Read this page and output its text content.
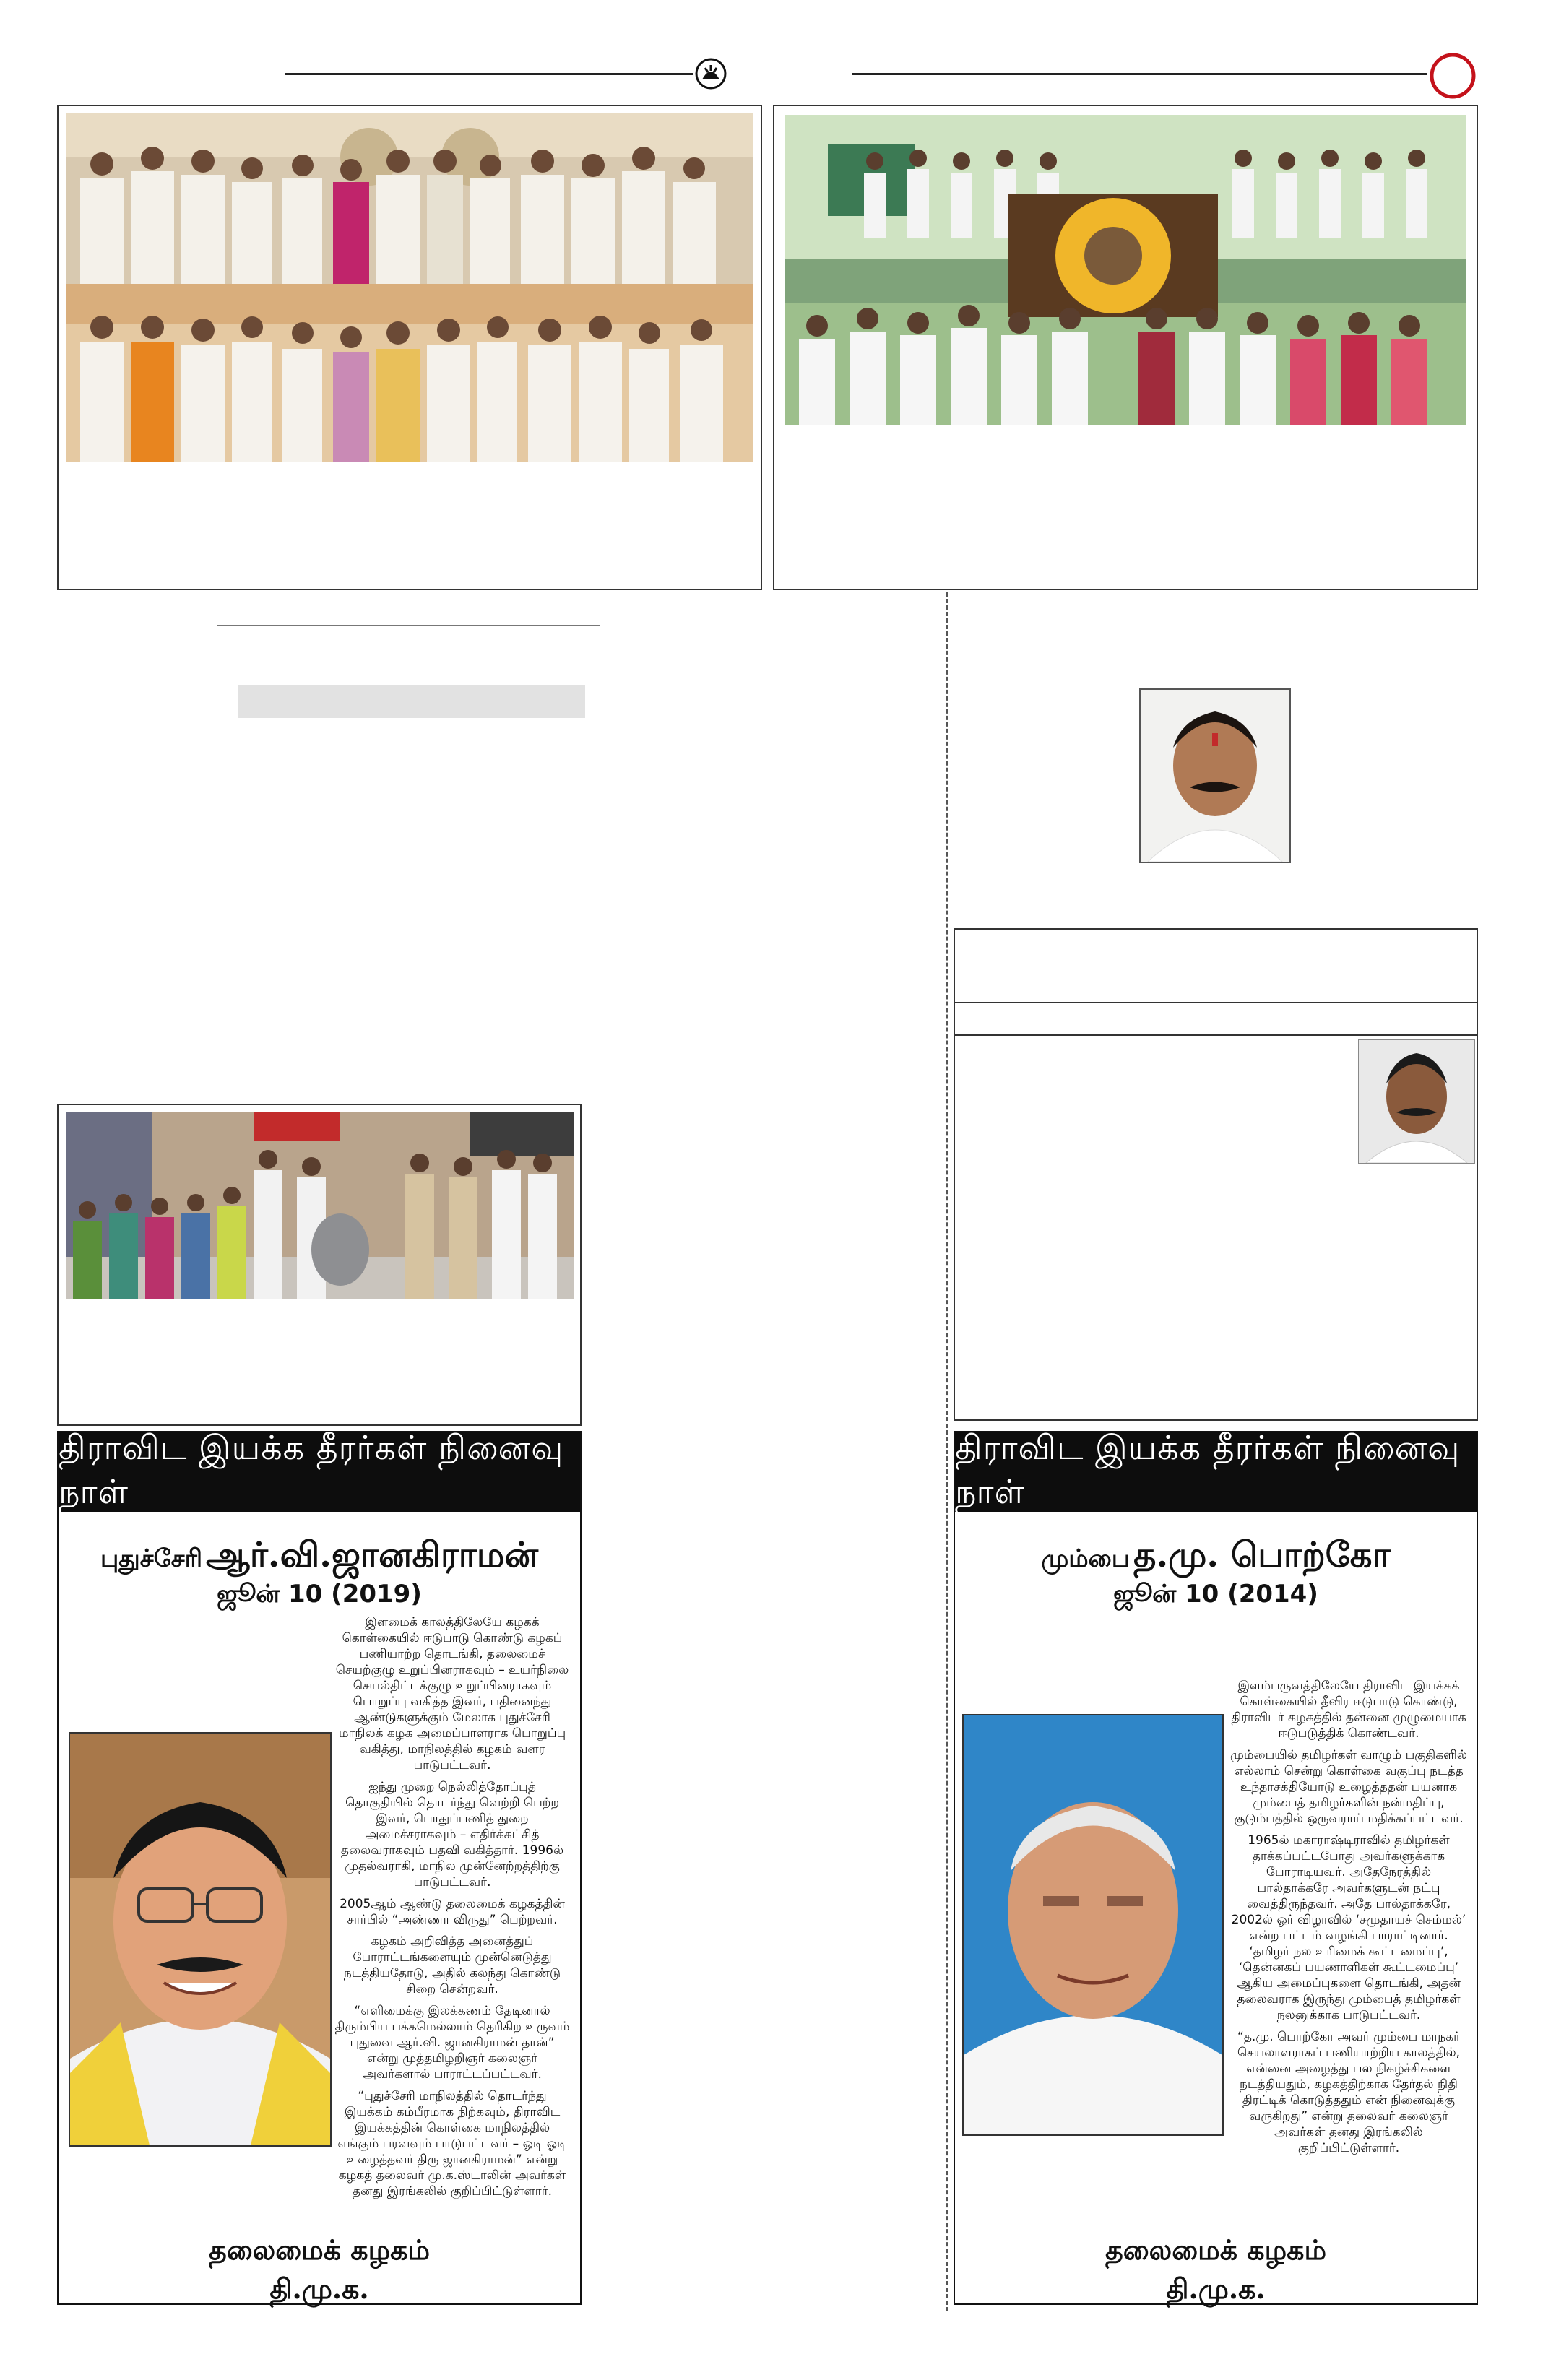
திராவிட இயக்க தீரர்கள் நினைவு நாள்
புதுச்சேரி ஆர்.வி.ஜானகிராமன்
ஜூன் 10 (2019)

இளமைக் காலத்திலேயே கழகக் கொள்கையில் ஈடுபாடு கொண்டு கழகப் பணியாற்ற தொடங்கி, தலைமைச் செயற்குழு உறுப்பினராகவும் – உயர்நிலை செயல்திட்டக்குழு உறுப்பினராகவும் பொறுப்பு வகித்த இவர், பதினைந்து ஆண்டுகளுக்கும் மேலாக புதுச்சேரி மாநிலக் கழக அமைப்பாளராக பொறுப்பு வகித்து, மாநிலத்தில் கழகம் வளர பாடுபட்டவர்.

ஐந்து முறை நெல்லித்தோப்புத் தொகுதியில் தொடர்ந்து வெற்றி பெற்ற இவர், பொதுப்பணித் துறை அமைச்சராகவும் – எதிர்க்கட்சித் தலைவராகவும் பதவி வகித்தார். 1996ல் முதல்வராகி, மாநில முன்னேற்றத்திற்கு பாடுபட்டவர்.

2005ஆம் ஆண்டு தலைமைக் கழகத்தின் சார்பில் “அண்ணா விருது” பெற்றவர்.

கழகம் அறிவித்த அனைத்துப் போராட்டங்களையும் முன்னெடுத்து நடத்தியதோடு, அதில் கலந்து கொண்டு சிறை சென்றவர்.

“எளிமைக்கு இலக்கணம் தேடினால் திரும்பிய பக்கமெல்லாம் தெரிகிற உருவம் புதுவை ஆர்.வி. ஜானகிராமன் தான்” என்று முத்தமிழறிஞர் கலைஞர் அவர்களால் பாராட்டப்பட்டவர்.

“புதுச்சேரி மாநிலத்தில் தொடர்ந்து இயக்கம் கம்பீரமாக நிற்கவும், திராவிட இயக்கத்தின் கொள்கை மாநிலத்தில் எங்கும் பரவவும் பாடுபட்டவர் – ஓடி ஓடி உழைத்தவர் திரு ஜானகிராமன்” என்று கழகத் தலைவர் மு.க.ஸ்டாலின் அவர்கள் தனது இரங்கலில் குறிப்பிட்டுள்ளார்.

தலைமைக் கழகம்
தி.மு.க.
திராவிட இயக்க தீரர்கள் நினைவு நாள்
மும்பை த.மு. பொற்கோ
ஜூன் 10 (2014)

இளம்பருவத்திலேயே திராவிட இயக்கக் கொள்கையில் தீவிர ஈடுபாடு கொண்டு, திராவிடர் கழகத்தில் தன்னை முழுமையாக ஈடுபடுத்திக் கொண்டவர்.

மும்பையில் தமிழர்கள் வாழும் பகுதிகளில் எல்லாம் சென்று கொள்கை வகுப்பு நடத்த உந்தாசக்தியோடு உழைத்ததன் பயனாக மும்பைத் தமிழர்களின் நன்மதிப்பு, குடும்பத்தில் ஒருவராய் மதிக்கப்பட்டவர்.

1965ல் மகாராஷ்டிராவில் தமிழர்கள் தாக்கப்பட்டபோது அவர்களுக்காக போராடியவர். அதேநேரத்தில் பால்தாக்கரே அவர்களுடன் நட்பு வைத்திருந்தவர். அதே பால்தாக்கரே, 2002ல் ஓர் விழாவில் ‘சமுதாயச் செம்மல்’ என்ற பட்டம் வழங்கி பாராட்டினார். ‘தமிழர் நல உரிமைக் கூட்டமைப்பு’, ‘தென்னகப் பயணாளிகள் கூட்டமைப்பு’ ஆகிய அமைப்புகளை தொடங்கி, அதன் தலைவராக இருந்து மும்பைத் தமிழர்கள் நலனுக்காக பாடுபட்டவர்.

“த.மு. பொற்கோ அவர் மும்பை மாநகர் செயலாளராகப் பணியாற்றிய காலத்தில், என்னை அழைத்து பல நிகழ்ச்சிகளை நடத்தியதும், கழகத்திற்காக தேர்தல் நிதி திரட்டிக் கொடுத்ததும் என் நினைவுக்கு வருகிறது” என்று தலைவர் கலைஞர் அவர்கள் தனது இரங்கலில் குறிப்பிட்டுள்ளார்.

தலைமைக் கழகம்
தி.மு.க.
